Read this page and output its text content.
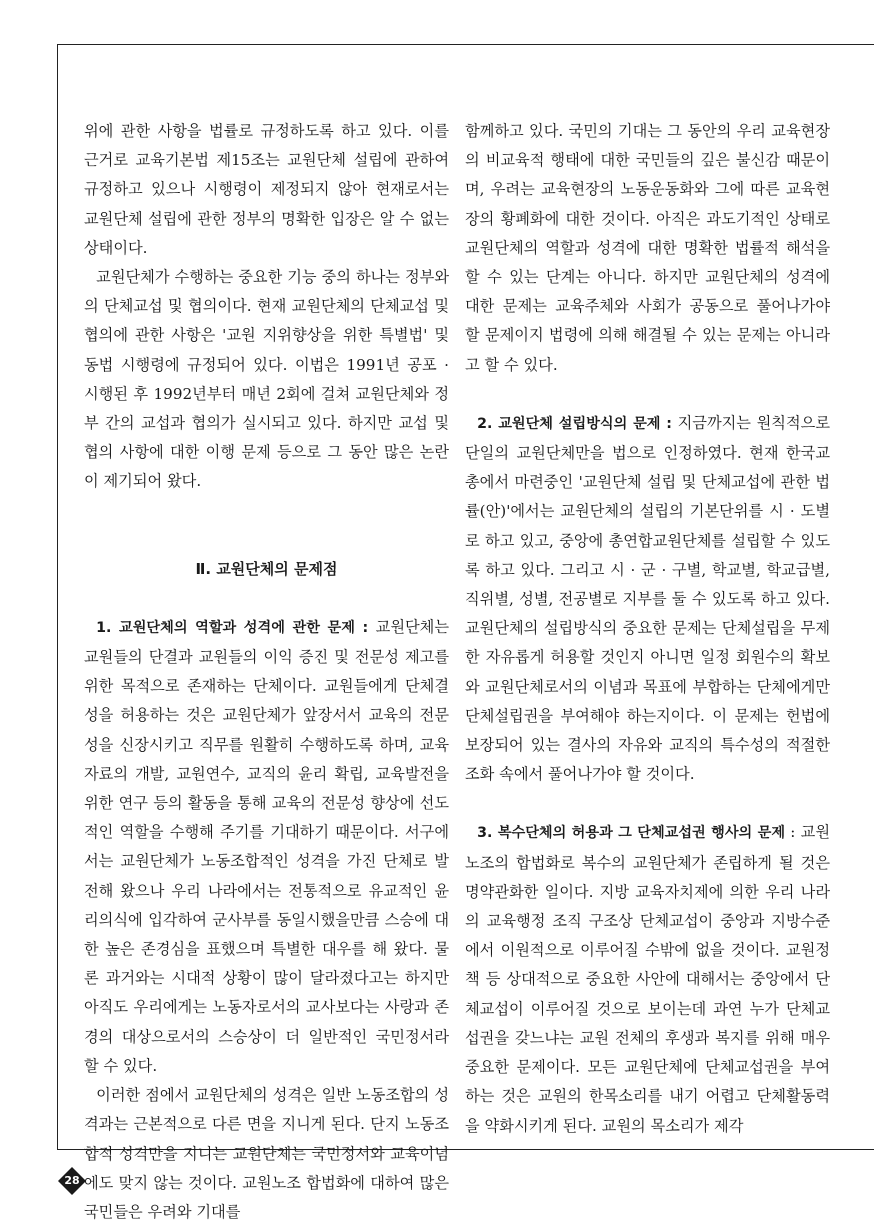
위에 관한 사항을 법률로 규정하도록 하고 있다. 이를 근거로 교육기본법 제15조는 교원단체 설립에 관하여 규정하고 있으나 시행령이 제정되지 않아 현재로서는 교원단체 설립에 관한 정부의 명확한 입장은 알 수 없는 상태이다.

교원단체가 수행하는 중요한 기능 중의 하나는 정부와의 단체교섭 및 협의이다. 현재 교원단체의 단체교섭 및 협의에 관한 사항은 '교원 지위향상을 위한 특별법' 및 동법 시행령에 규정되어 있다. 이법은 1991년 공포 · 시행된 후 1992년부터 매년 2회에 걸쳐 교원단체와 정부 간의 교섭과 협의가 실시되고 있다. 하지만 교섭 및 협의 사항에 대한 이행 문제 등으로 그 동안 많은 논란이 제기되어 왔다.

Ⅱ. 교원단체의 문제점

1. 교원단체의 역할과 성격에 관한 문제 : 교원단체는 교원들의 단결과 교원들의 이익 증진 및 전문성 제고를 위한 목적으로 존재하는 단체이다. 교원들에게 단체결성을 허용하는 것은 교원단체가 앞장서서 교육의 전문성을 신장시키고 직무를 원활히 수행하도록 하며, 교육자료의 개발, 교원연수, 교직의 윤리 확립, 교육발전을 위한 연구 등의 활동을 통해 교육의 전문성 향상에 선도적인 역할을 수행해 주기를 기대하기 때문이다. 서구에서는 교원단체가 노동조합적인 성격을 가진 단체로 발전해 왔으나 우리 나라에서는 전통적으로 유교적인 윤리의식에 입각하여 군사부를 동일시했을만큼 스승에 대한 높은 존경심을 표했으며 특별한 대우를 해 왔다. 물론 과거와는 시대적 상황이 많이 달라졌다고는 하지만 아직도 우리에게는 노동자로서의 교사보다는 사랑과 존경의 대상으로서의 스승상이 더 일반적인 국민정서라 할 수 있다.

이러한 점에서 교원단체의 성격은 일반 노동조합의 성격과는 근본적으로 다른 면을 지니게 된다. 단지 노동조합적 성격만을 지니는 교원단체는 국민정서와 교육이념에도 맞지 않는 것이다. 교원노조 합법화에 대하여 많은 국민들은 우려와 기대를

함께하고 있다. 국민의 기대는 그 동안의 우리 교육현장의 비교육적 행태에 대한 국민들의 깊은 불신감 때문이며, 우려는 교육현장의 노동운동화와 그에 따른 교육현장의 황폐화에 대한 것이다. 아직은 과도기적인 상태로 교원단체의 역할과 성격에 대한 명확한 법률적 해석을 할 수 있는 단계는 아니다. 하지만 교원단체의 성격에 대한 문제는 교육주체와 사회가 공동으로 풀어나가야 할 문제이지 법령에 의해 해결될 수 있는 문제는 아니라고 할 수 있다.

2. 교원단체 설립방식의 문제 : 지금까지는 원칙적으로 단일의 교원단체만을 법으로 인정하였다. 현재 한국교총에서 마련중인 '교원단체 설립 및 단체교섭에 관한 법률(안)'에서는 교원단체의 설립의 기본단위를 시 · 도별로 하고 있고, 중앙에 총연합교원단체를 설립할 수 있도록 하고 있다. 그리고 시 · 군 · 구별, 학교별, 학교급별, 직위별, 성별, 전공별로 지부를 둘 수 있도록 하고 있다. 교원단체의 설립방식의 중요한 문제는 단체설립을 무제한 자유롭게 허용할 것인지 아니면 일정 회원수의 확보와 교원단체로서의 이념과 목표에 부합하는 단체에게만 단체설립권을 부여해야 하는지이다. 이 문제는 헌법에 보장되어 있는 결사의 자유와 교직의 특수성의 적절한 조화 속에서 풀어나가야 할 것이다.

3. 복수단체의 허용과 그 단체교섭권 행사의 문제 : 교원노조의 합법화로 복수의 교원단체가 존립하게 될 것은 명약관화한 일이다. 지방 교육자치제에 의한 우리 나라의 교육행정 조직 구조상 단체교섭이 중앙과 지방수준에서 이원적으로 이루어질 수밖에 없을 것이다. 교원정책 등 상대적으로 중요한 사안에 대해서는 중앙에서 단체교섭이 이루어질 것으로 보이는데 과연 누가 단체교섭권을 갖느냐는 교원 전체의 후생과 복지를 위해 매우 중요한 문제이다. 모든 교원단체에 단체교섭권을 부여하는 것은 교원의 한목소리를 내기 어렵고 단체활동력을 약화시키게 된다. 교원의 목소리가 제각

28
